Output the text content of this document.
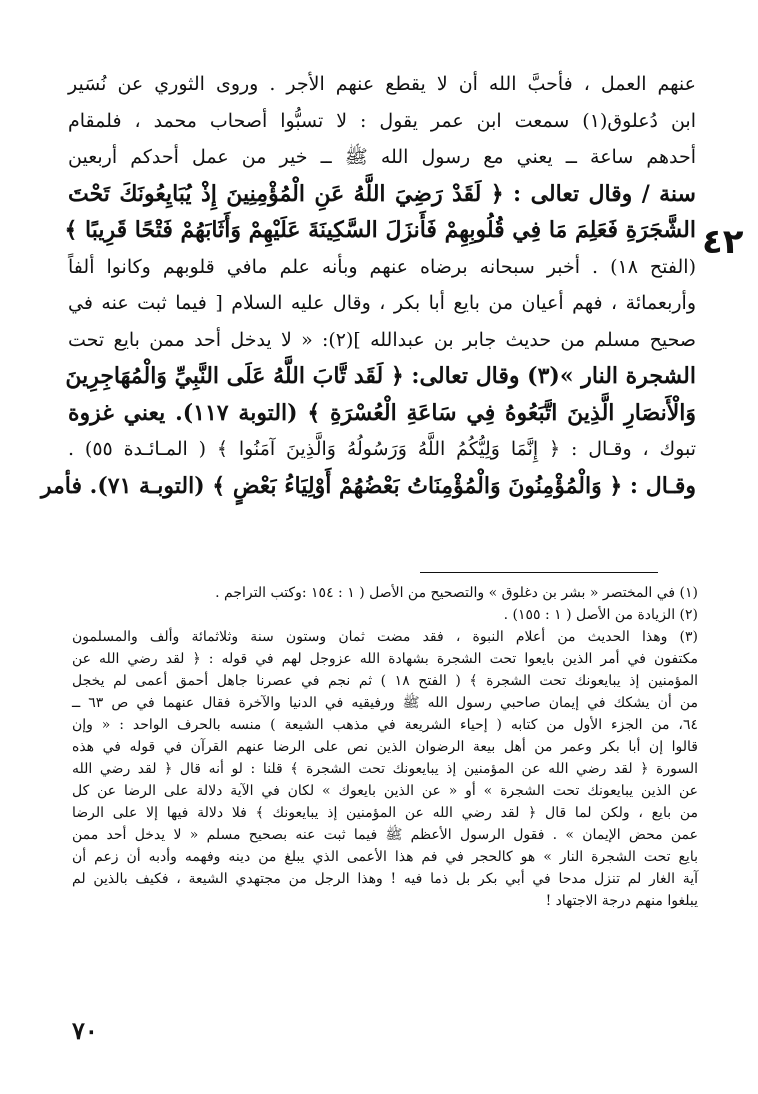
٤٢
عنهم العمل ، فأحبَّ الله أن لا يقطع عنهم الأجر . وروى الثوري عن نُسَير
ابن دُعلوق(١) سمعت ابن عمر يقول : لا تسبُّوا أصحاب محمد ، فلمقام
أحدهم ساعة ــ يعني مع رسول الله ﷺ ــ خير من عمل أحدكم أربعين
سنة / وقال تعالى : ﴿ لَقَدْ رَضِيَ اللَّهُ عَنِ الْمُؤْمِنِينَ إِذْ يُبَايِعُونَكَ تَحْتَ
الشَّجَرَةِ فَعَلِمَ مَا فِي قُلُوبِهِمْ فَأَنزَلَ السَّكِينَةَ عَلَيْهِمْ وَأَثَابَهُمْ فَتْحًا قَرِيبًا ﴾
(الفتح ١٨) . أخبر سبحانه برضاه عنهم وبأنه علم مافي قلوبهم وكانوا ألفاً
وأربعمائة ، فهم أعيان من بايع أبا بكر ، وقال عليه السلام [ فيما ثبت عنه في
صحيح مسلم من حديث جابر بن عبدالله ](٢): « لا يدخل أحد ممن بايع تحت
الشجرة النار »(٣) وقال تعالى: ﴿ لَقَد تَّابَ اللَّهُ عَلَى النَّبِيِّ وَالْمُهَاجِرِينَ
وَالْأَنصَارِ الَّذِينَ اتَّبَعُوهُ فِي سَاعَةِ الْعُسْرَةِ ﴾ (التوبة ١١٧). يعني غزوة
تبوك ، وقـال : ﴿ إِنَّمَا وَلِيُّكُمُ اللَّهُ وَرَسُولُهُ وَالَّذِينَ آمَنُوا ﴾ ( المـائـدة ٥٥) .
وقـال : ﴿ وَالْمُؤْمِنُونَ وَالْمُؤْمِنَاتُ بَعْضُهُمْ أَوْلِيَاءُ بَعْضٍ ﴾ (التوبـة ٧١). فأمر
(١) في المختصر « بشر بن دغلوق » والتصحيح من الأصل ( ١ : ١٥٤ :وكتب التراجم .
(٢) الزيادة من الأصل ( ١ : ١٥٥) .
(٣) وهذا الحديث من أعلام النبوة ، فقد مضت ثمان وستون سنة وثلاثمائة وألف والمسلمون
مكتفون في أمر الذين بايعوا تحت الشجرة بشهادة الله عزوجل لهم في قوله : ﴿ لقد رضي الله عن
المؤمنين إذ يبايعونك تحت الشجرة ﴾ ( الفتح ١٨ ) ثم نجم في عصرنا جاهل أحمق أعمى لم يخجل
من أن يشكك في إيمان صاحبي رسول الله ﷺ ورفيقيه في الدنيا والآخرة فقال عنهما في ص ٦٣ ــ
٦٤، من الجزء الأول من كتابه ( إحياء الشريعة في مذهب الشيعة ) منسه بالحرف الواحد : « وإن
قالوا إن أبا بكر وعمر من أهل بيعة الرضوان الذين نص على الرضا عنهم القرآن في قوله في هذه
السورة ﴿ لقد رضي الله عن المؤمنين إذ يبايعونك تحت الشجرة ﴾ قلنا : لو أنه قال ﴿ لقد رضي الله
عن الذين يبايعونك تحت الشجرة » أو « عن الذين بايعوك » لكان في الآية دلالة على الرضا عن كل
من بايع ، ولكن لما قال ﴿ لقد رضي الله عن المؤمنين إذ يبايعونك ﴾ فلا دلالة فيها إلا على الرضا
عمن محض الإيمان » . فقول الرسول الأعظم ﷺ فيما ثبت عنه بصحيح مسلم « لا يدخل أحد ممن
بايع تحت الشجرة النار » هو كالحجر في فم هذا الأعمى الذي يبلغ من دينه وفهمه وأدبه أن زعم أن
آية الغار لم تنزل مدحا في أبي بكر بل ذما فيه ! وهذا الرجل من مجتهدي الشيعة ، فكيف بالذين لم
يبلغوا منهم درجة الاجتهاد !
٧٠
